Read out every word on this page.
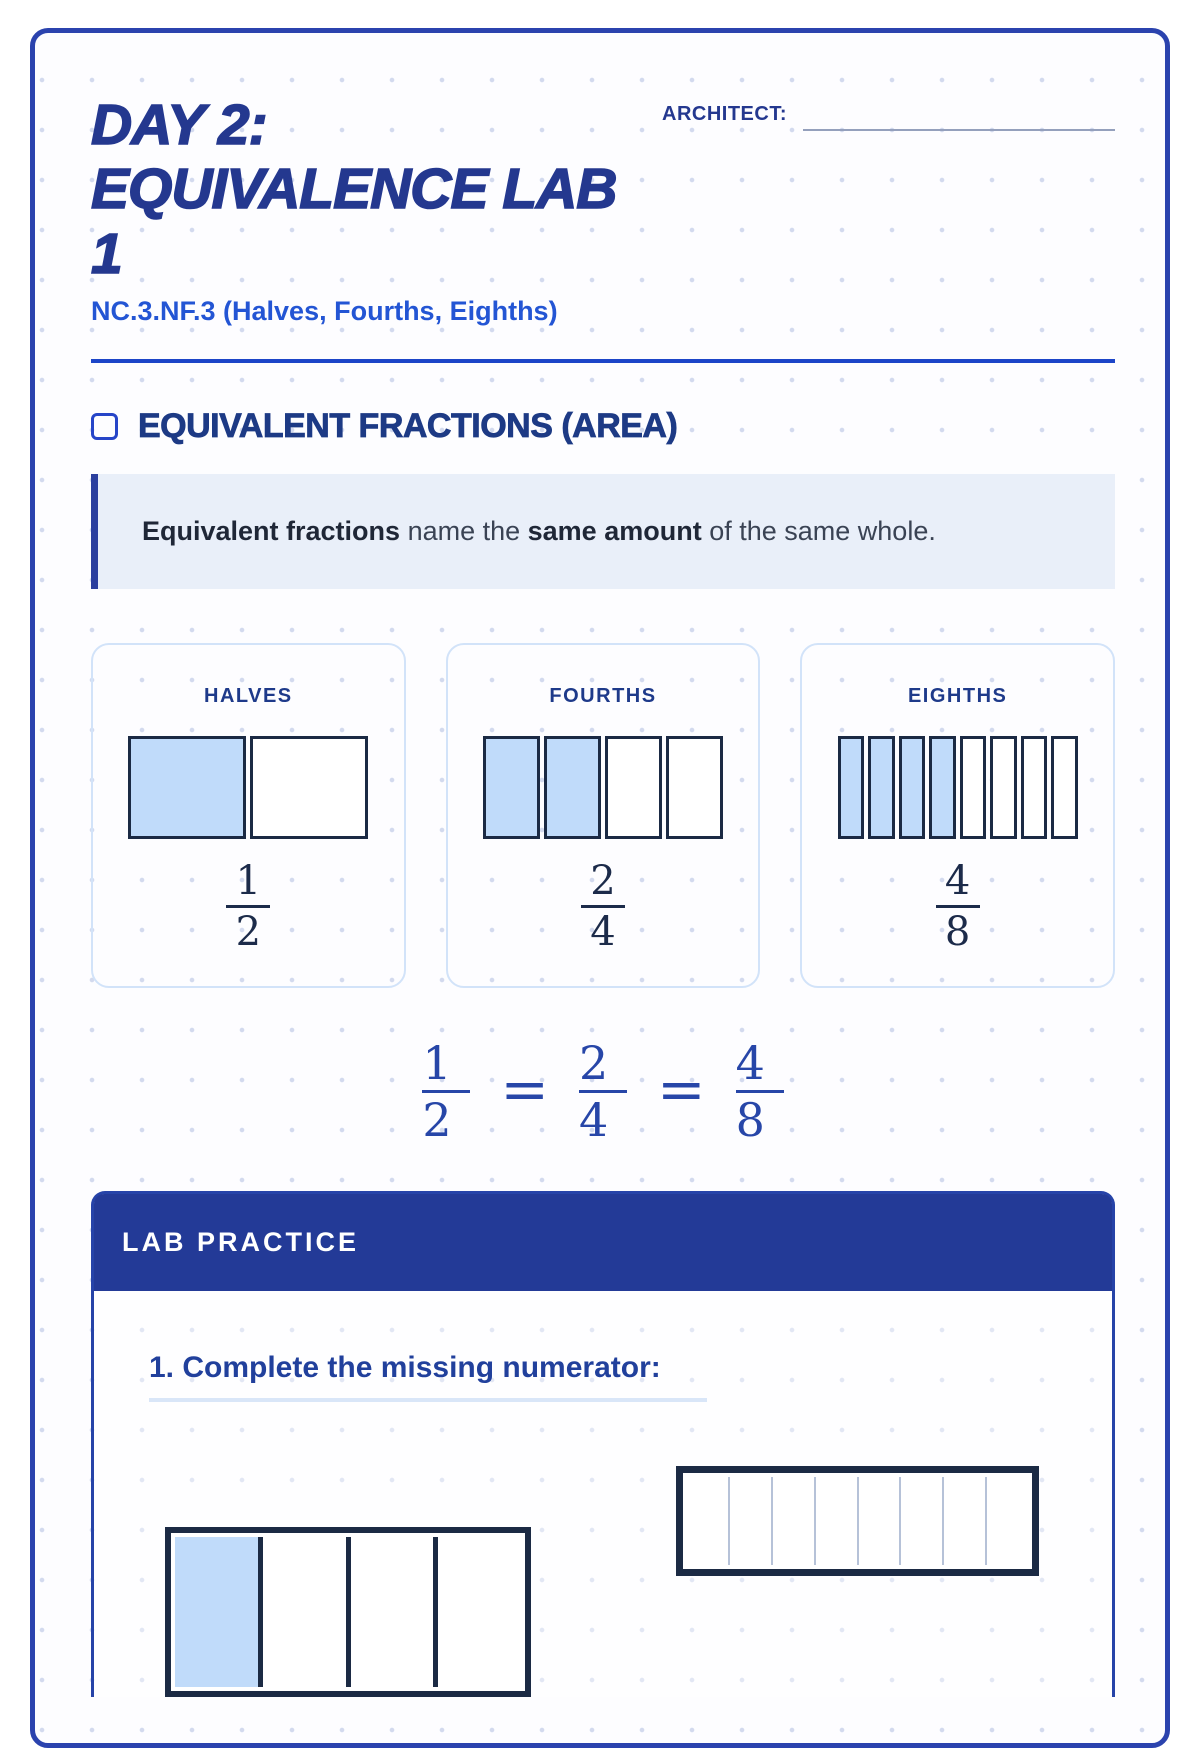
DAY 2:
EQUIVALENCE LAB
1
ARCHITECT:
NC.3.NF.3 (Halves, Fourths, Eighths)
EQUIVALENT FRACTIONS (AREA)
Equivalent fractions name the same amount of the same whole.
HALVES
$\frac{1}{2}$
FOURTHS
$\frac{2}{4}$
EIGHTHS
$\frac{4}{8}$
$\frac{1}{2} = \frac{2}{4} = \frac{4}{8}$
LAB PRACTICE
1. Complete the missing numerator:
